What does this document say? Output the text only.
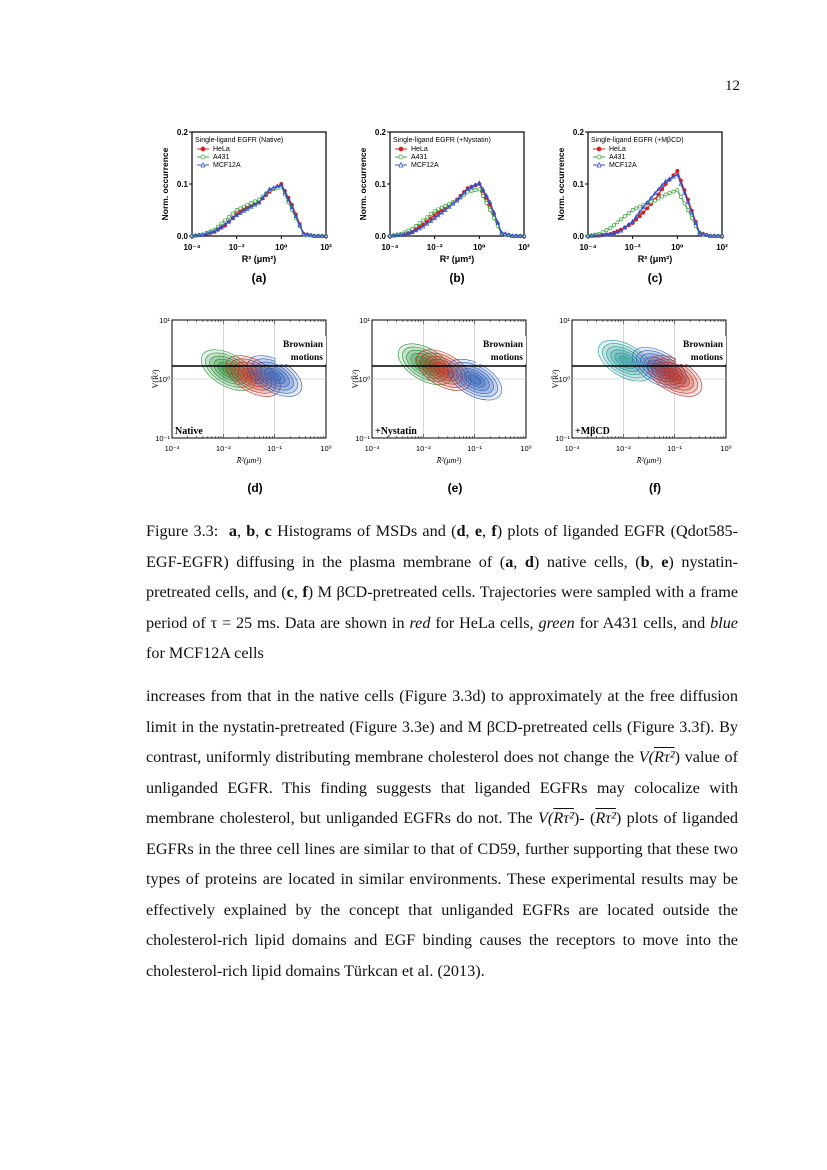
12
0.0
0.1
0.2
10⁻⁴	10⁻²	10⁰	10²
R² (μm²)
Norm. occurrence
Single-ligand EGFR (Native)
HeLa
A431
MCF12A
(a)
0.0
0.1
0.2
10⁻⁴	10⁻²	10⁰	10²
R² (μm²)
Norm. occurrence
Single-ligand EGFR (+Nystatin)
HeLa
A431
MCF12A
(b)
0.0
0.1
0.2
10⁻⁴	10⁻²	10⁰	10²
R² (μm²)
Norm. occurrence
Single-ligand EGFR (+MβCD)
HeLa
A431
MCF12A
(c)
Brownian
motions
Native
10⁻³	10⁻²	10⁻¹	10⁰
10¹
10⁰
10⁻¹
R̄²(μm²)
V(R̄²)
(d)
Brownian
motions
+Nystatin
10⁻³	10⁻²	10⁻¹	10⁰
10¹
10⁰
10⁻¹
R̄²(μm²)
V(R̄²)
(e)
Brownian
motions
+MβCD
10⁻³	10⁻²	10⁻¹	10⁰
10¹
10⁰
10⁻¹
R̄²(μm²)
V(R̄²)
(f)

Figure 3.3: a, b, c Histograms of MSDs and (d, e, f) plots of liganded EGFR (Qdot585-EGF-EGFR) diffusing in the plasma membrane of (a, d) native cells, (b, e) nystatin-pretreated cells, and (c, f) M βCD-pretreated cells. Trajectories were sampled with a frame period of τ = 25 ms. Data are shown in red for HeLa cells, green for A431 cells, and blue for MCF12A cells

increases from that in the native cells (Figure 3.3d) to approximately at the free diffusion limit in the nystatin-pretreated (Figure 3.3e) and M βCD-pretreated cells (Figure 3.3f). By contrast, uniformly distributing membrane cholesterol does not change the V(Rτ²) value of unliganded EGFR. This finding suggests that liganded EGFRs may colocalize with membrane cholesterol, but unliganded EGFRs do not. The V(Rτ²)- (Rτ²) plots of liganded EGFRs in the three cell lines are similar to that of CD59, further supporting that these two types of proteins are located in similar environments. These experimental results may be effectively explained by the concept that unliganded EGFRs are located outside the cholesterol-rich lipid domains and EGF binding causes the receptors to move into the cholesterol-rich lipid domains Türkcan et al. (2013).
